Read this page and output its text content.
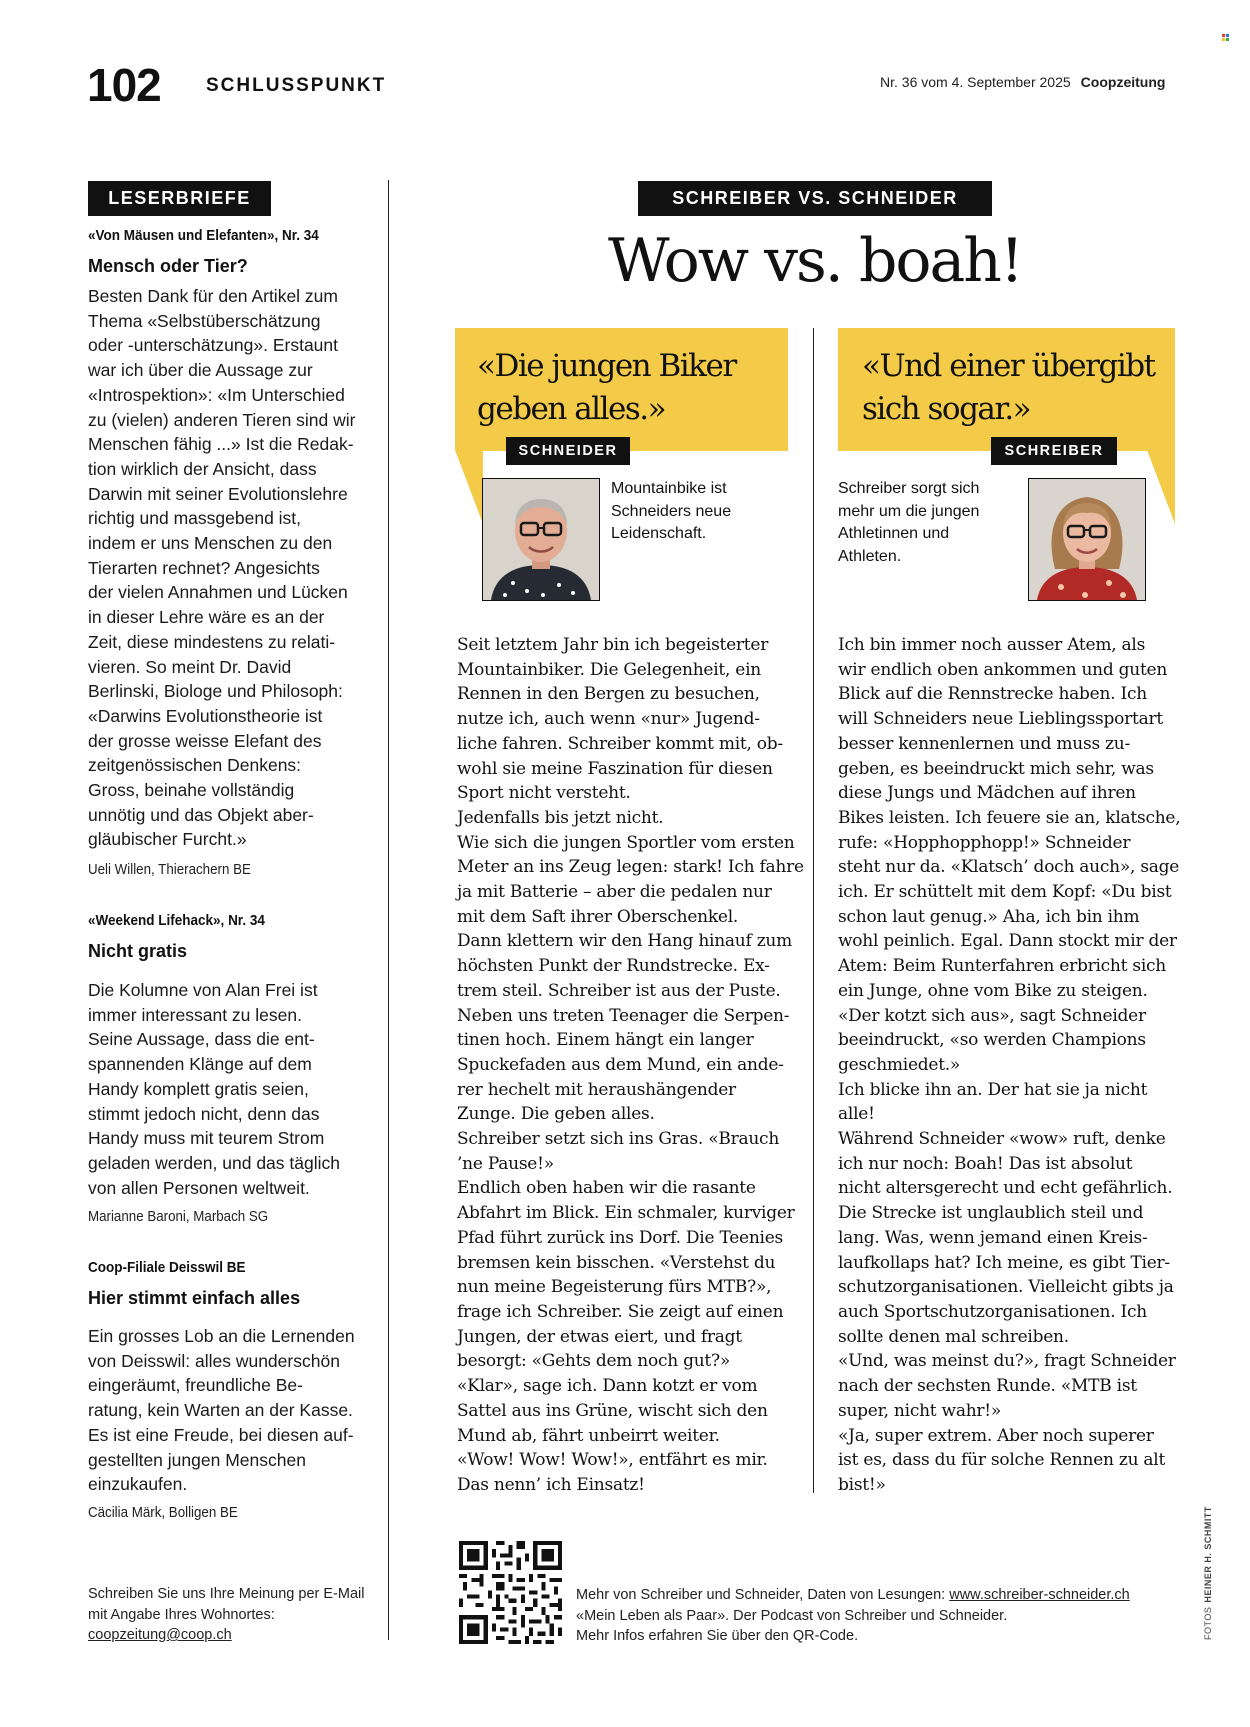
102 SCHLUSSPUNKT	Nr. 36 vom 4. September 2025 Coopzeitung
LESERBRIEFE
«Von Mäusen und Elefanten», Nr. 34
Mensch oder Tier?
Besten Dank für den Artikel zum
Thema «Selbstüberschätzung
oder -unterschätzung». Erstaunt
war ich über die Aussage zur
«Introspektion»: «Im Unterschied
zu (vielen) anderen Tieren sind wir
Menschen fähig ...» Ist die Redak-
tion wirklich der Ansicht, dass
Darwin mit seiner Evolutionslehre
richtig und massgebend ist,
indem er uns Menschen zu den
Tierarten rechnet? Angesichts
der vielen Annahmen und Lücken
in dieser Lehre wäre es an der
Zeit, diese mindestens zu relati-
vieren. So meint Dr. David
Berlinski, Biologe und Philosoph:
«Darwins Evolutionstheorie ist
der grosse weisse Elefant des
zeitgenössischen Denkens:
Gross, beinahe vollständig
unnötig und das Objekt aber-
gläubischer Furcht.»
Ueli Willen, Thierachern BE
«Weekend Lifehack», Nr. 34
Nicht gratis
Die Kolumne von Alan Frei ist
immer interessant zu lesen.
Seine Aussage, dass die ent-
spannenden Klänge auf dem
Handy komplett gratis seien,
stimmt jedoch nicht, denn das
Handy muss mit teurem Strom
geladen werden, und das täglich
von allen Personen weltweit.
Marianne Baroni, Marbach SG
Coop-Filiale Deisswil BE
Hier stimmt einfach alles
Ein grosses Lob an die Lernenden
von Deisswil: alles wunderschön
eingeräumt, freundliche Be-
ratung, kein Warten an der Kasse.
Es ist eine Freude, bei diesen auf-
gestellten jungen Menschen
einzukaufen.
Cäcilia Märk, Bolligen BE
Schreiben Sie uns Ihre Meinung per E-Mail
mit Angabe Ihres Wohnortes:
coopzeitung@coop.ch
SCHREIBER VS. SCHNEIDER
Wow vs. boah!
«Die jungen Biker
geben alles.»
SCHNEIDER
Mountainbike ist
Schneiders neue
Leidenschaft.
«Und einer übergibt
sich sogar.»
SCHREIBER
Schreiber sorgt sich
mehr um die jungen
Athletinnen und
Athleten.
Seit letztem Jahr bin ich begeisterter
Mountainbiker. Die Gelegenheit, ein
Rennen in den Bergen zu besuchen,
nutze ich, auch wenn «nur» Jugend-
liche fahren. Schreiber kommt mit, ob-
wohl sie meine Faszination für diesen
Sport nicht versteht.
Jedenfalls bis jetzt nicht.
Wie sich die jungen Sportler vom ersten
Meter an ins Zeug legen: stark! Ich fahre
ja mit Batterie – aber die pedalen nur
mit dem Saft ihrer Oberschenkel.
Dann klettern wir den Hang hinauf zum
höchsten Punkt der Rundstrecke. Ex-
trem steil. Schreiber ist aus der Puste.
Neben uns treten Teenager die Serpen-
tinen hoch. Einem hängt ein langer
Spuckefaden aus dem Mund, ein ande-
rer hechelt mit heraushängender
Zunge. Die geben alles.
Schreiber setzt sich ins Gras. «Brauch
’ne Pause!»
Endlich oben haben wir die rasante
Abfahrt im Blick. Ein schmaler, kurviger
Pfad führt zurück ins Dorf. Die Teenies
bremsen kein bisschen. «Verstehst du
nun meine Begeisterung fürs MTB?»,
frage ich Schreiber. Sie zeigt auf einen
Jungen, der etwas eiert, und fragt
besorgt: «Gehts dem noch gut?»
«Klar», sage ich. Dann kotzt er vom
Sattel aus ins Grüne, wischt sich den
Mund ab, fährt unbeirrt weiter.
«Wow! Wow! Wow!», entfährt es mir.
Das nenn’ ich Einsatz!
Ich bin immer noch ausser Atem, als
wir endlich oben ankommen und guten
Blick auf die Rennstrecke haben. Ich
will Schneiders neue Lieblingssportart
besser kennenlernen und muss zu-
geben, es beeindruckt mich sehr, was
diese Jungs und Mädchen auf ihren
Bikes leisten. Ich feuere sie an, klatsche,
rufe: «Hopphopphopp!» Schneider
steht nur da. «Klatsch’ doch auch», sage
ich. Er schüttelt mit dem Kopf: «Du bist
schon laut genug.» Aha, ich bin ihm
wohl peinlich. Egal. Dann stockt mir der
Atem: Beim Runterfahren erbricht sich
ein Junge, ohne vom Bike zu steigen.
«Der kotzt sich aus», sagt Schneider
beeindruckt, «so werden Champions
geschmiedet.»
Ich blicke ihn an. Der hat sie ja nicht
alle!
Während Schneider «wow» ruft, denke
ich nur noch: Boah! Das ist absolut
nicht altersgerecht und echt gefährlich.
Die Strecke ist unglaublich steil und
lang. Was, wenn jemand einen Kreis-
laufkollaps hat? Ich meine, es gibt Tier-
schutzorganisationen. Vielleicht gibts ja
auch Sportschutzorganisationen. Ich
sollte denen mal schreiben.
«Und, was meinst du?», fragt Schneider
nach der sechsten Runde. «MTB ist
super, nicht wahr!»
«Ja, super extrem. Aber noch superer
ist es, dass du für solche Rennen zu alt
bist!»
Mehr von Schreiber und Schneider, Daten von Lesungen: www.schreiber-schneider.ch
«Mein Leben als Paar». Der Podcast von Schreiber und Schneider.
Mehr Infos erfahren Sie über den QR-Code.	FOTOSHEINER H. SCHMITT
